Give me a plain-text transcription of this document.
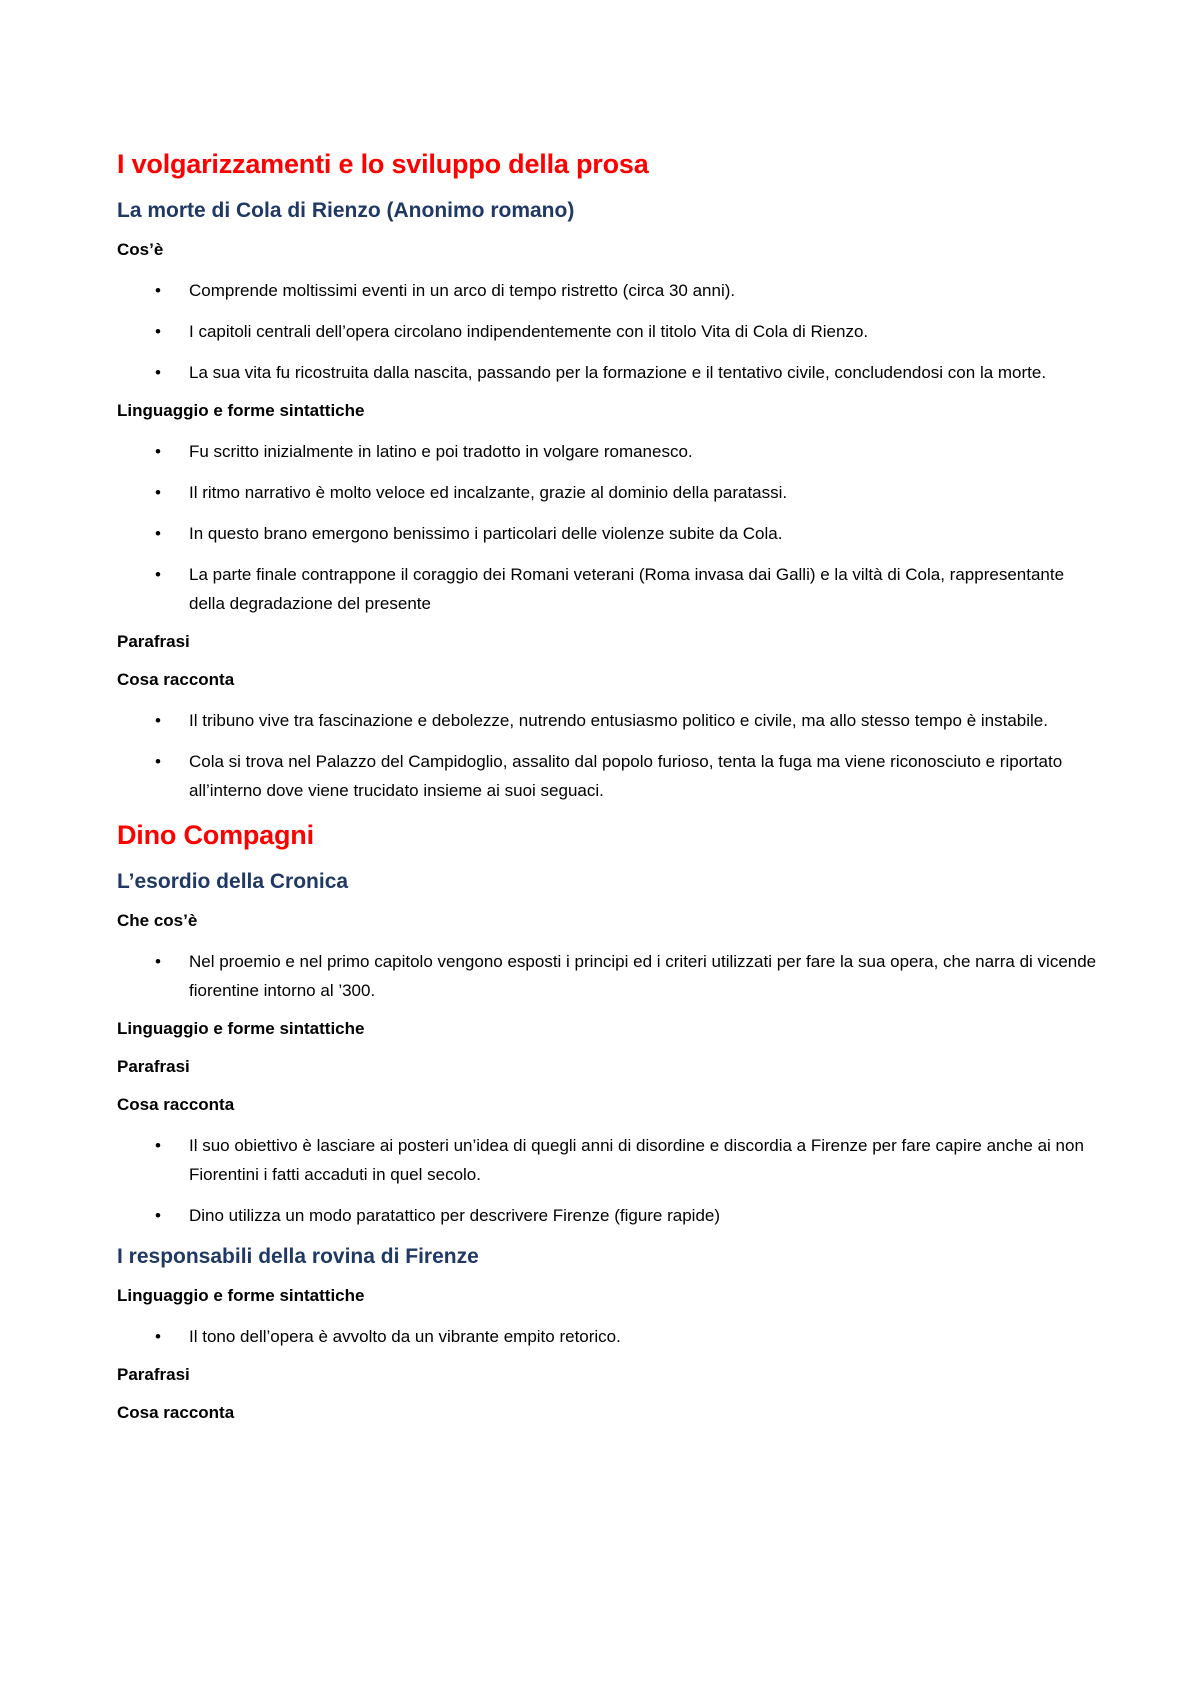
I volgarizzamenti e lo sviluppo della prosa
La morte di Cola di Rienzo (Anonimo romano)
Cos’è
• Comprende moltissimi eventi in un arco di tempo ristretto (circa 30 anni).
• I capitoli centrali dell’opera circolano indipendentemente con il titolo Vita di Cola di Rienzo.
• La sua vita fu ricostruita dalla nascita, passando per la formazione e il tentativo civile, concludendosi con la morte.
Linguaggio e forme sintattiche
• Fu scritto inizialmente in latino e poi tradotto in volgare romanesco.
• Il ritmo narrativo è molto veloce ed incalzante, grazie al dominio della paratassi.
• In questo brano emergono benissimo i particolari delle violenze subite da Cola.
• La parte finale contrappone il coraggio dei Romani veterani (Roma invasa dai Galli) e la viltà di Cola, rappresentante della degradazione del presente
Parafrasi
Cosa racconta
• Il tribuno vive tra fascinazione e debolezze, nutrendo entusiasmo politico e civile, ma allo stesso tempo è instabile.
• Cola si trova nel Palazzo del Campidoglio, assalito dal popolo furioso, tenta la fuga ma viene riconosciuto e riportato all’interno dove viene trucidato insieme ai suoi seguaci.
Dino Compagni
L’esordio della Cronica
Che cos’è
• Nel proemio e nel primo capitolo vengono esposti i principi ed i criteri utilizzati per fare la sua opera, che narra di vicende fiorentine intorno al ’300.
Linguaggio e forme sintattiche
Parafrasi
Cosa racconta
• Il suo obiettivo è lasciare ai posteri un’idea di quegli anni di disordine e discordia a Firenze per fare capire anche ai non Fiorentini i fatti accaduti in quel secolo.
• Dino utilizza un modo paratattico per descrivere Firenze (figure rapide)
I responsabili della rovina di Firenze
Linguaggio e forme sintattiche
• Il tono dell’opera è avvolto da un vibrante empito retorico.
Parafrasi
Cosa racconta
